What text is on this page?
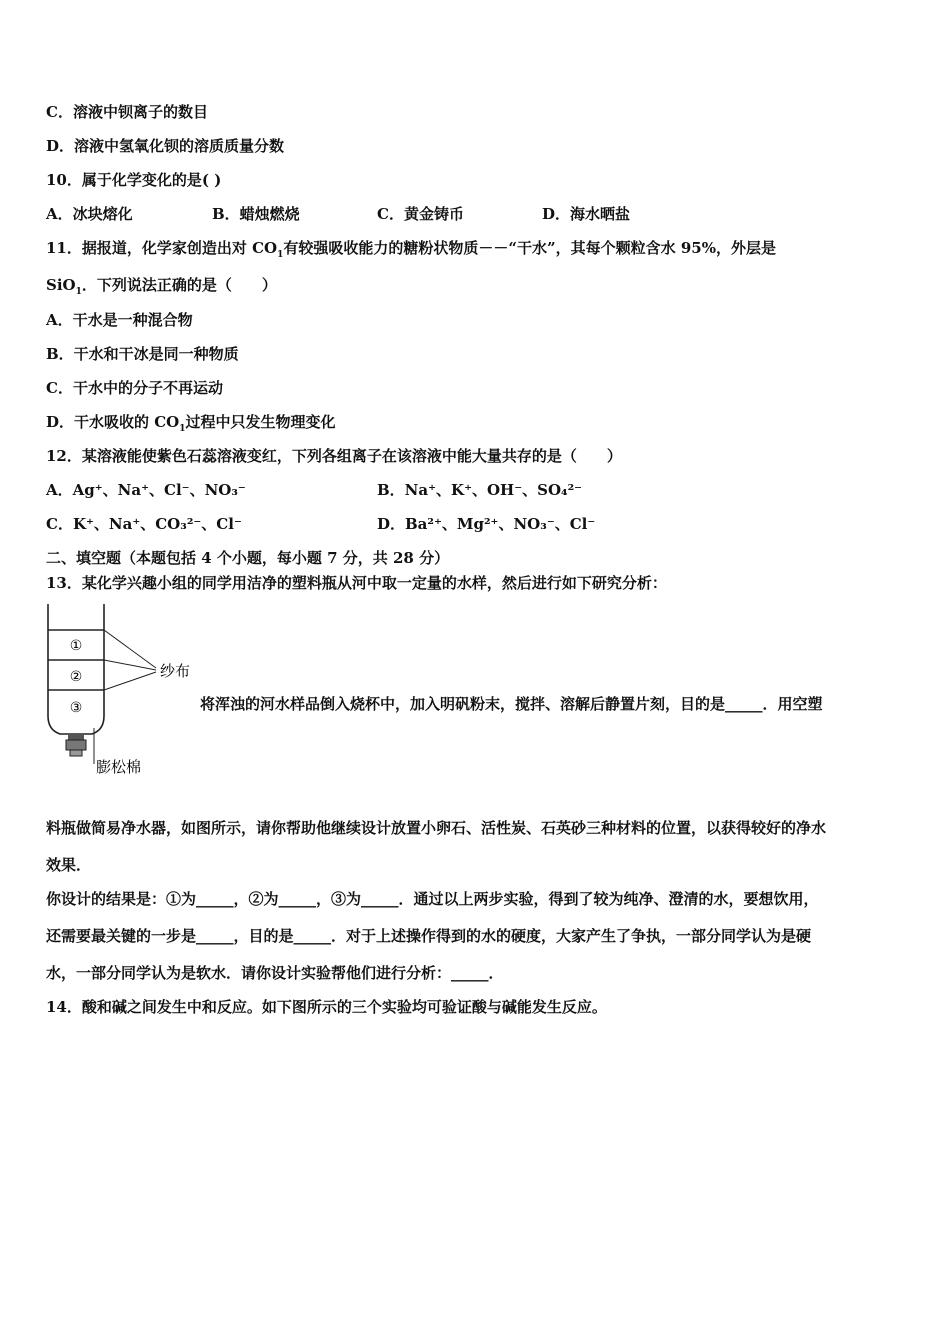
C．溶液中钡离子的数目
D．溶液中氢氧化钡的溶质质量分数
10．属于化学变化的是( )
A．冰块熔化	B．蜡烛燃烧	C．黄金铸币	D．海水晒盐
11．据报道，化学家创造出对 $CO_1$有较强吸收能力的糖粉状物质－－“干水”，其每个颗粒含水 95%，外层是
SiO$_1$．下列说法正确的是（　　）
A．干水是一种混合物
B．干水和干冰是同一种物质
C．干水中的分子不再运动
D．干水吸收的 $CO_1$过程中只发生物理变化
12．某溶液能使紫色石蕊溶液变红，下列各组离子在该溶液中能大量共存的是（　　）
A．Ag⁺、Na⁺、Cl⁻、NO₃⁻	B．Na⁺、K⁺、OH⁻、SO₄²⁻
C．K⁺、Na⁺、CO₃²⁻、Cl⁻	D．Ba²⁺、Mg²⁺、NO₃⁻、Cl⁻
二、填空题（本题包括 4 个小题，每小题 7 分，共 28 分）
13．某化学兴趣小组的同学用洁净的塑料瓶从河中取一定量的水样，然后进行如下研究分析：
①
②
③
纱布
膨松棉
将浑浊的河水样品倒入烧杯中，加入明矾粉末，搅拌、溶解后静置片刻，目的是_____．用空塑
料瓶做简易净水器，如图所示，请你帮助他继续设计放置小卵石、活性炭、石英砂三种材料的位置，以获得较好的净水
效果．
你设计的结果是：①为_____，②为_____，③为_____．通过以上两步实验，得到了较为纯净、澄清的水，要想饮用，
还需要最关键的一步是_____，目的是_____．对于上述操作得到的水的硬度，大家产生了争执，一部分同学认为是硬
水，一部分同学认为是软水．请你设计实验帮他们进行分析：_____．
14．酸和碱之间发生中和反应。如下图所示的三个实验均可验证酸与碱能发生反应。
